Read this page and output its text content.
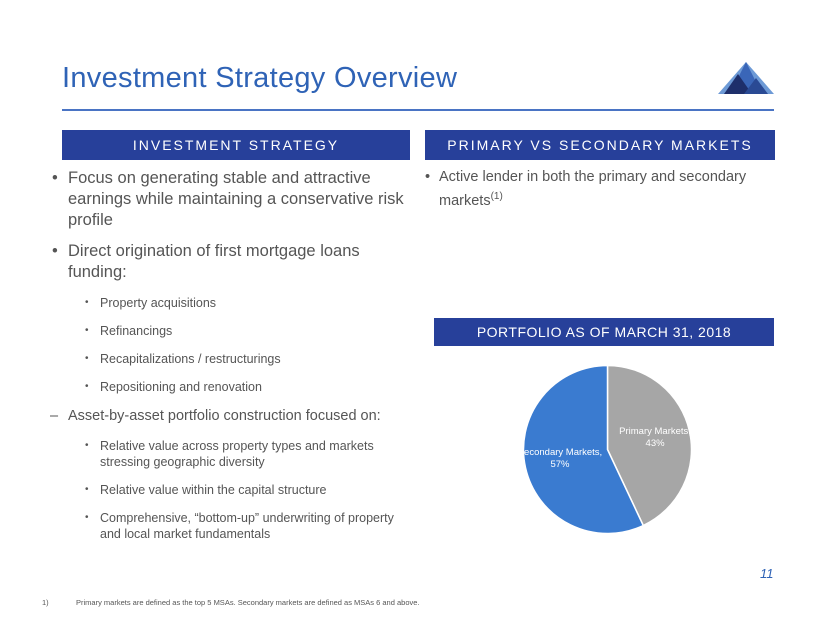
Investment Strategy Overview
INVESTMENT STRATEGY	PRIMARY VS SECONDARY MARKETS
• Focus on generating stable and attractive earnings while maintaining a conservative risk profile
• Direct origination of first mortgage loans funding:
• Property acquisitions
• Refinancings
• Recapitalizations / restructurings
• Repositioning and renovation
– Asset-by-asset portfolio construction focused on:
• Relative value across property types and markets stressing geographic diversity
• Relative value within the capital structure
• Comprehensive, “bottom-up” underwriting of property and local market fundamentals
• Active lender in both the primary and secondary markets$^{(1)}$
PORTFOLIO AS OF MARCH 31, 2018
Primary Markets, 43%
Secondary Markets, 57%
11
1)	Primary markets are defined as the top 5 MSAs. Secondary markets are defined as MSAs 6 and above.
